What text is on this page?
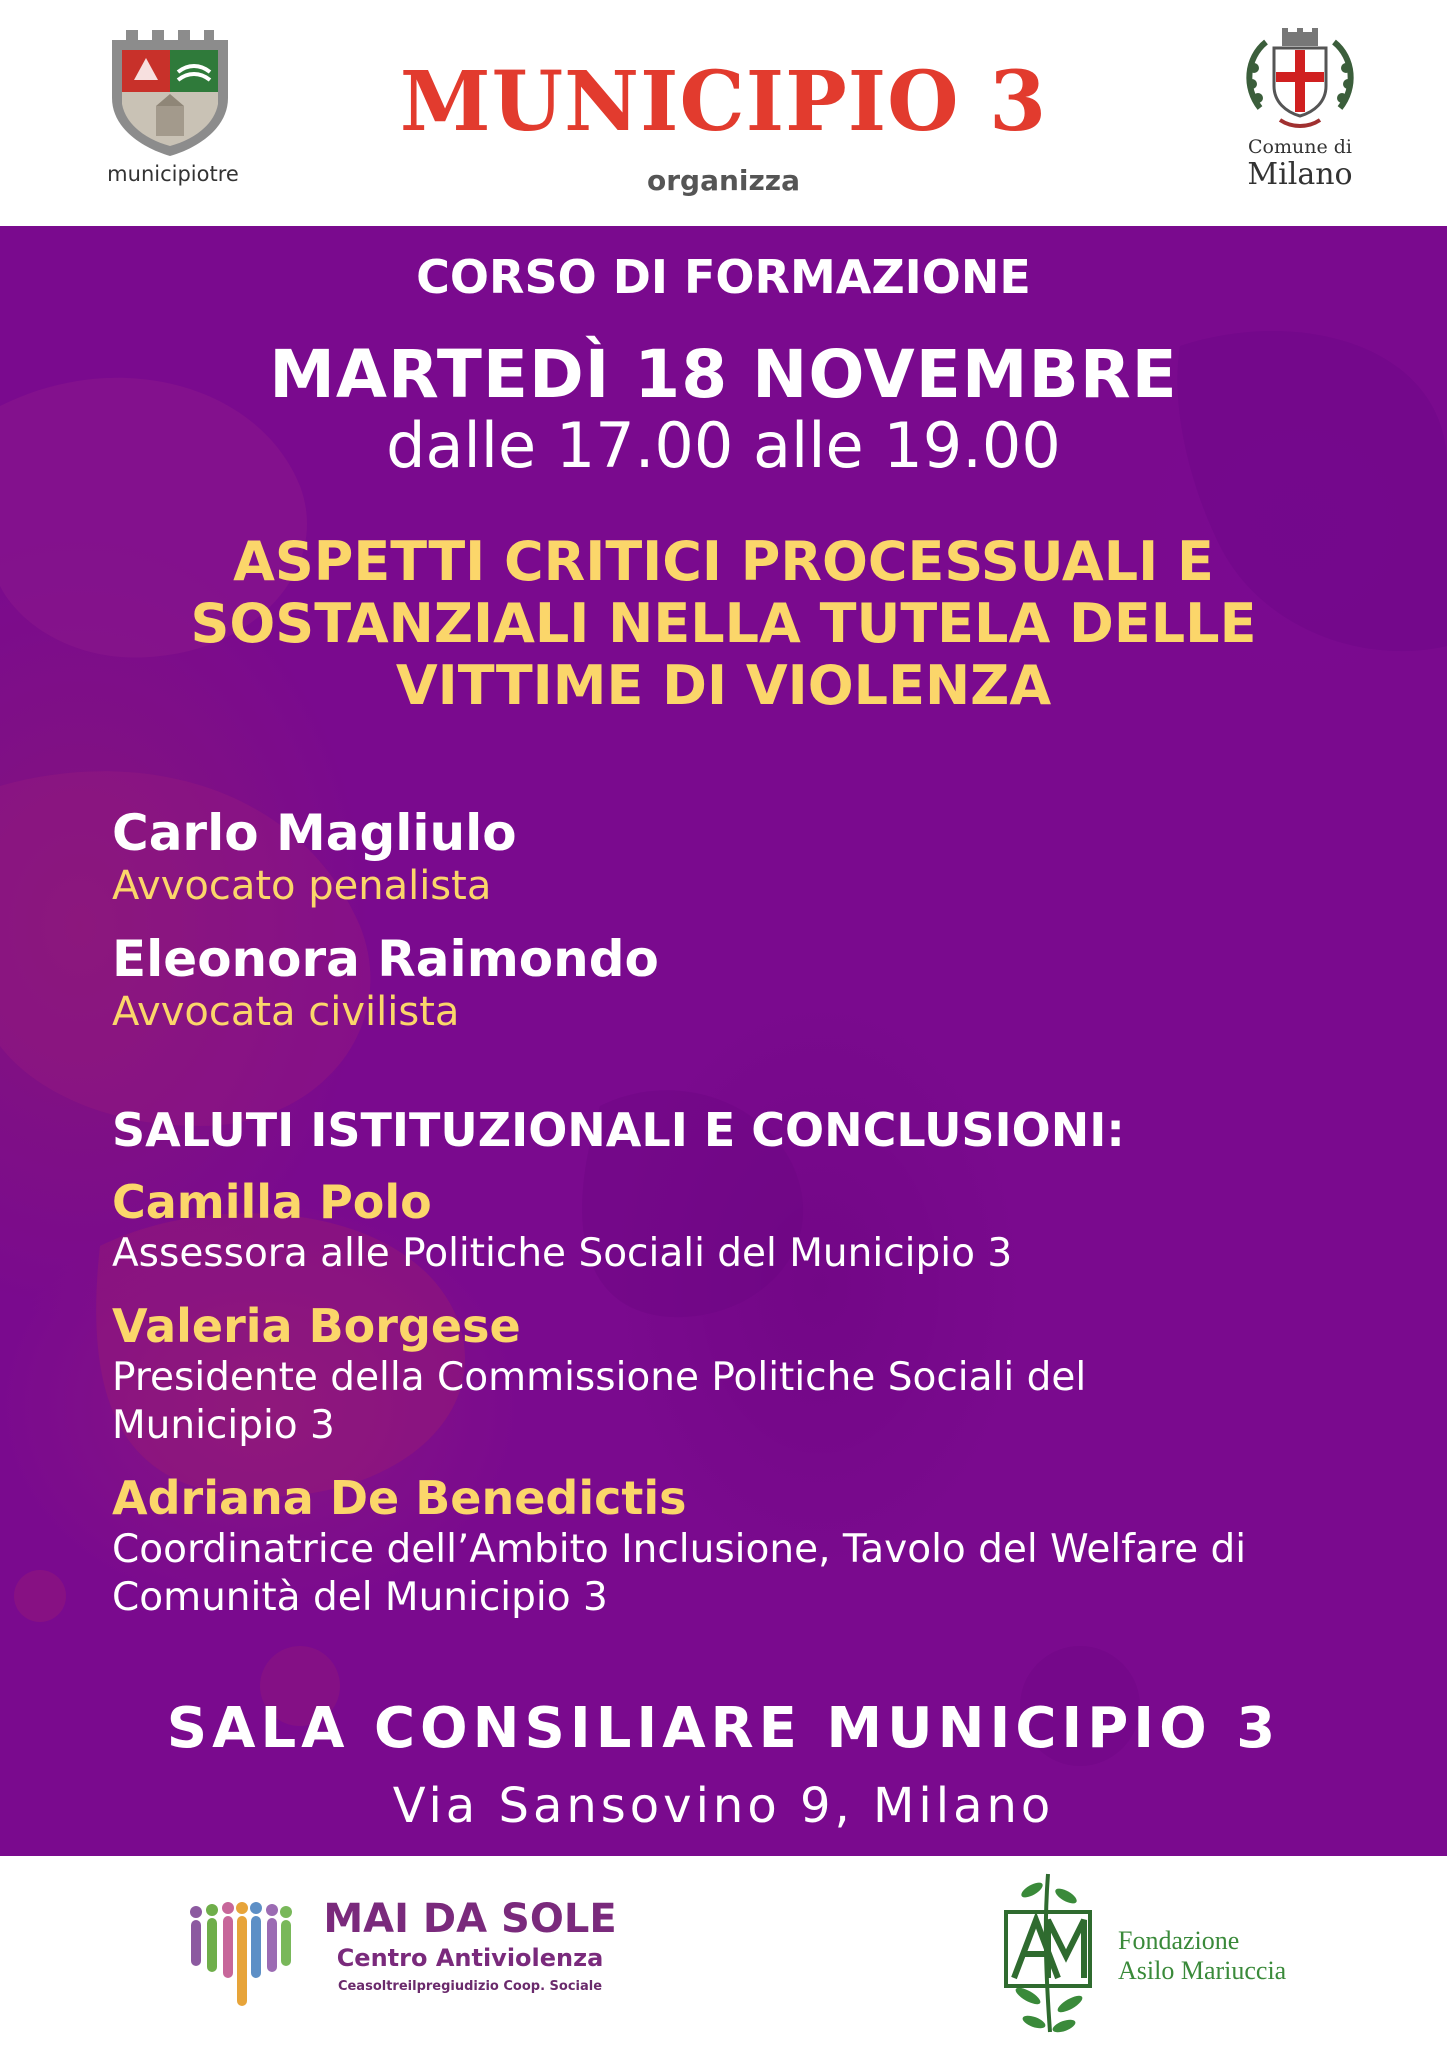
municipiotre
MUNICIPIO 3
organizza
Comune di
Milano
CORSO DI FORMAZIONE
MARTEDÌ 18 NOVEMBRE
dalle 17.00 alle 19.00
ASPETTI CRITICI PROCESSUALI E
SOSTANZIALI NELLA TUTELA DELLE
VITTIME DI VIOLENZA
Carlo Magliulo
Avvocato penalista
Eleonora Raimondo
Avvocata civilista
SALUTI ISTITUZIONALI E CONCLUSIONI:
Camilla Polo
Assessora alle Politiche Sociali del Municipio 3
Valeria Borgese
Presidente della Commissione Politiche Sociali del
Municipio 3
Adriana De Benedictis
Coordinatrice dell’Ambito Inclusione, Tavolo del Welfare di
Comunità del Municipio 3
SALA CONSILIARE MUNICIPIO 3
Via Sansovino 9, Milano
MAI DA SOLE
Centro Antiviolenza
Ceasoltreilpregiudizio Coop. Sociale
Fondazione
Asilo Mariuccia
